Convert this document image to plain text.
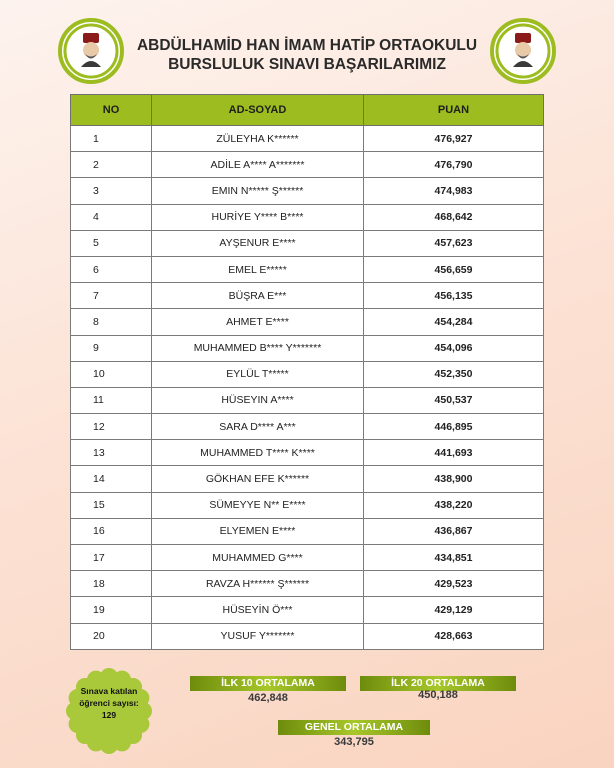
ABDÜLHAMİD HAN İMAM HATİP ORTAOKULU
BURSLULUK SINAVI BAŞARILARIMIZ
NO	AD-SOYAD	PUAN
1	ZÜLEYHA K******	476,927
2	ADİLE A**** A*******	476,790
3	EMIN N***** Ş******	474,983
4	HURİYE Y**** B****	468,642
5	AYŞENUR E****	457,623
6	EMEL E*****	456,659
7	BÜŞRA E***	456,135
8	AHMET E****	454,284
9	MUHAMMED B**** Y*******	454,096
10	EYLÜL T*****	452,350
11	HÜSEYIN A****	450,537
12	SARA D**** A***	446,895
13	MUHAMMED T**** K****	441,693
14	GÖKHAN EFE K******	438,900
15	SÜMEYYE N** E****	438,220
16	ELYEMEN E****	436,867
17	MUHAMMED G****	434,851
18	RAVZA H****** Ş******	429,523
19	HÜSEYİN Ö***	429,129
20	YUSUF Y*******	428,663
Sınava katılan
öğrenci sayısı:
129
İLK 10 ORTALAMA
462,848
İLK 20 ORTALAMA
450,188
GENEL ORTALAMA
343,795
